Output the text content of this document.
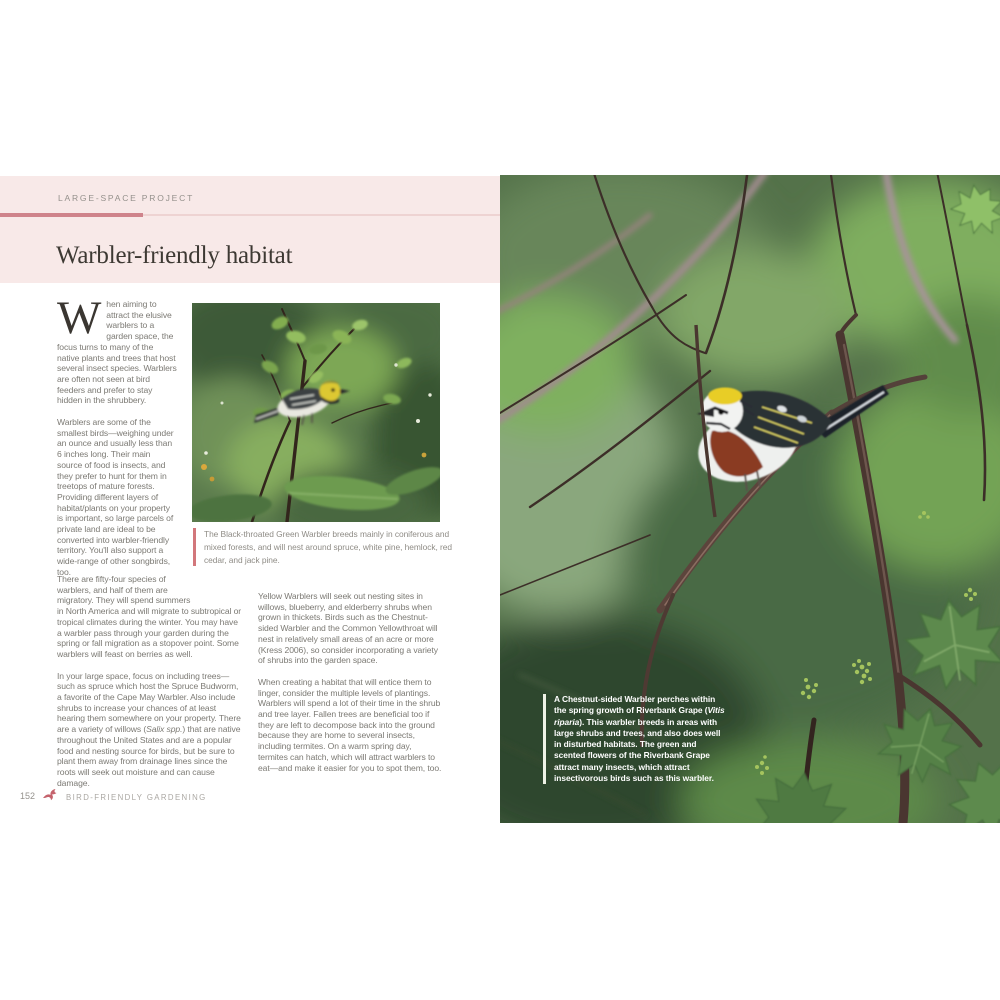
LARGE-SPACE PROJECT
Warbler-friendly habitat

When aiming to attract the elusive warblers to a garden space, the focus turns to many of the native plants and trees that host several insect species. Warblers are often not seen at bird feeders and prefer to stay hidden in the shrubbery.

Warblers are some of the smallest birds—weighing under an ounce and usually less than 6 inches long. Their main source of food is insects, and they prefer to hunt for them in treetops of mature forests. Providing different layers of habitat/plants on your property is important, so large parcels of private land are ideal to be converted into warbler-friendly territory. You'll also support a wide-range of other songbirds, too.

The Black-throated Green Warbler breeds mainly in coniferous and mixed forests, and will nest around spruce, white pine, hemlock, red cedar, and jack pine.

There are fifty-four species of warblers, and half of them are migratory. They will spend summers in North America and will migrate to subtropical or tropical climates during the winter. You may have a warbler pass through your garden during the spring or fall migration as a stopover point. Some warblers will feast on berries as well.

In your large space, focus on including trees—such as spruce which host the Spruce Budworm, a favorite of the Cape May Warbler. Also include shrubs to increase your chances of at least hearing them somewhere on your property. There are a variety of willows (Salix spp.) that are native throughout the United States and are a popular food and nesting source for birds, but be sure to plant them away from drainage lines since the roots will seek out moisture and can cause damage.

Yellow Warblers will seek out nesting sites in willows, blueberry, and elderberry shrubs when grown in thickets. Birds such as the Chestnut-sided Warbler and the Common Yellowthroat will nest in relatively small areas of an acre or more (Kress 2006), so consider incorporating a variety of shrubs into the garden space.

When creating a habitat that will entice them to linger, consider the multiple levels of plantings. Warblers will spend a lot of their time in the shrub and tree layer. Fallen trees are beneficial too if they are left to decompose back into the ground because they are home to several insects, including termites. On a warm spring day, termites can hatch, which will attract warblers to eat—and make it easier for you to spot them, too.

152	BIRD-FRIENDLY GARDENING
A Chestnut-sided Warbler perches within the spring growth of Riverbank Grape (Vitis riparia). This warbler breeds in areas with large shrubs and trees, and also does well in disturbed habitats. The green and scented flowers of the Riverbank Grape attract many insects, which attract insectivorous birds such as this warbler.
